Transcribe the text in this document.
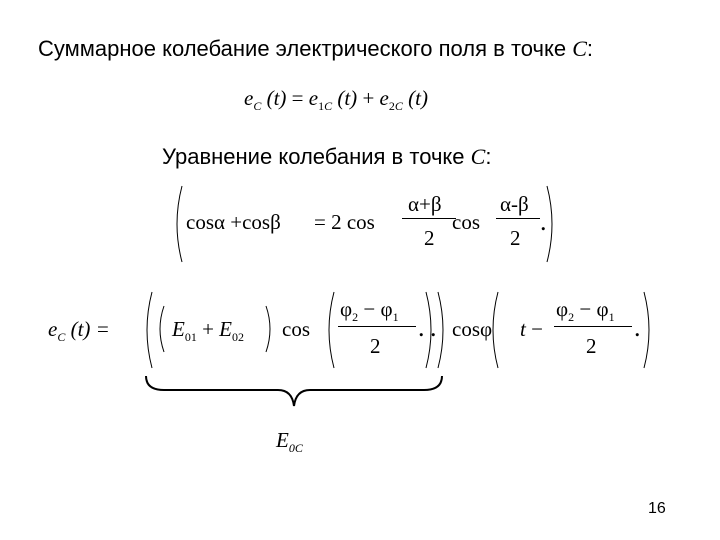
Суммарное колебание электрического поля в точке C:
$e_C$ $(t) = e_{1C}$ $(t) + e_{2C}$ (t)
Уравнение колебания в точке C:
cosα +cosβ = 2 cos
α+β
2
cos
α-β
2
.
$e_C$ (t) =	$E_{01} + E_{02}$ cos
$\varphi_2 - \varphi_1$
2
. . cosφ t −
$\varphi_2 - \varphi_1$
2
.
$E_{0C}$
16
